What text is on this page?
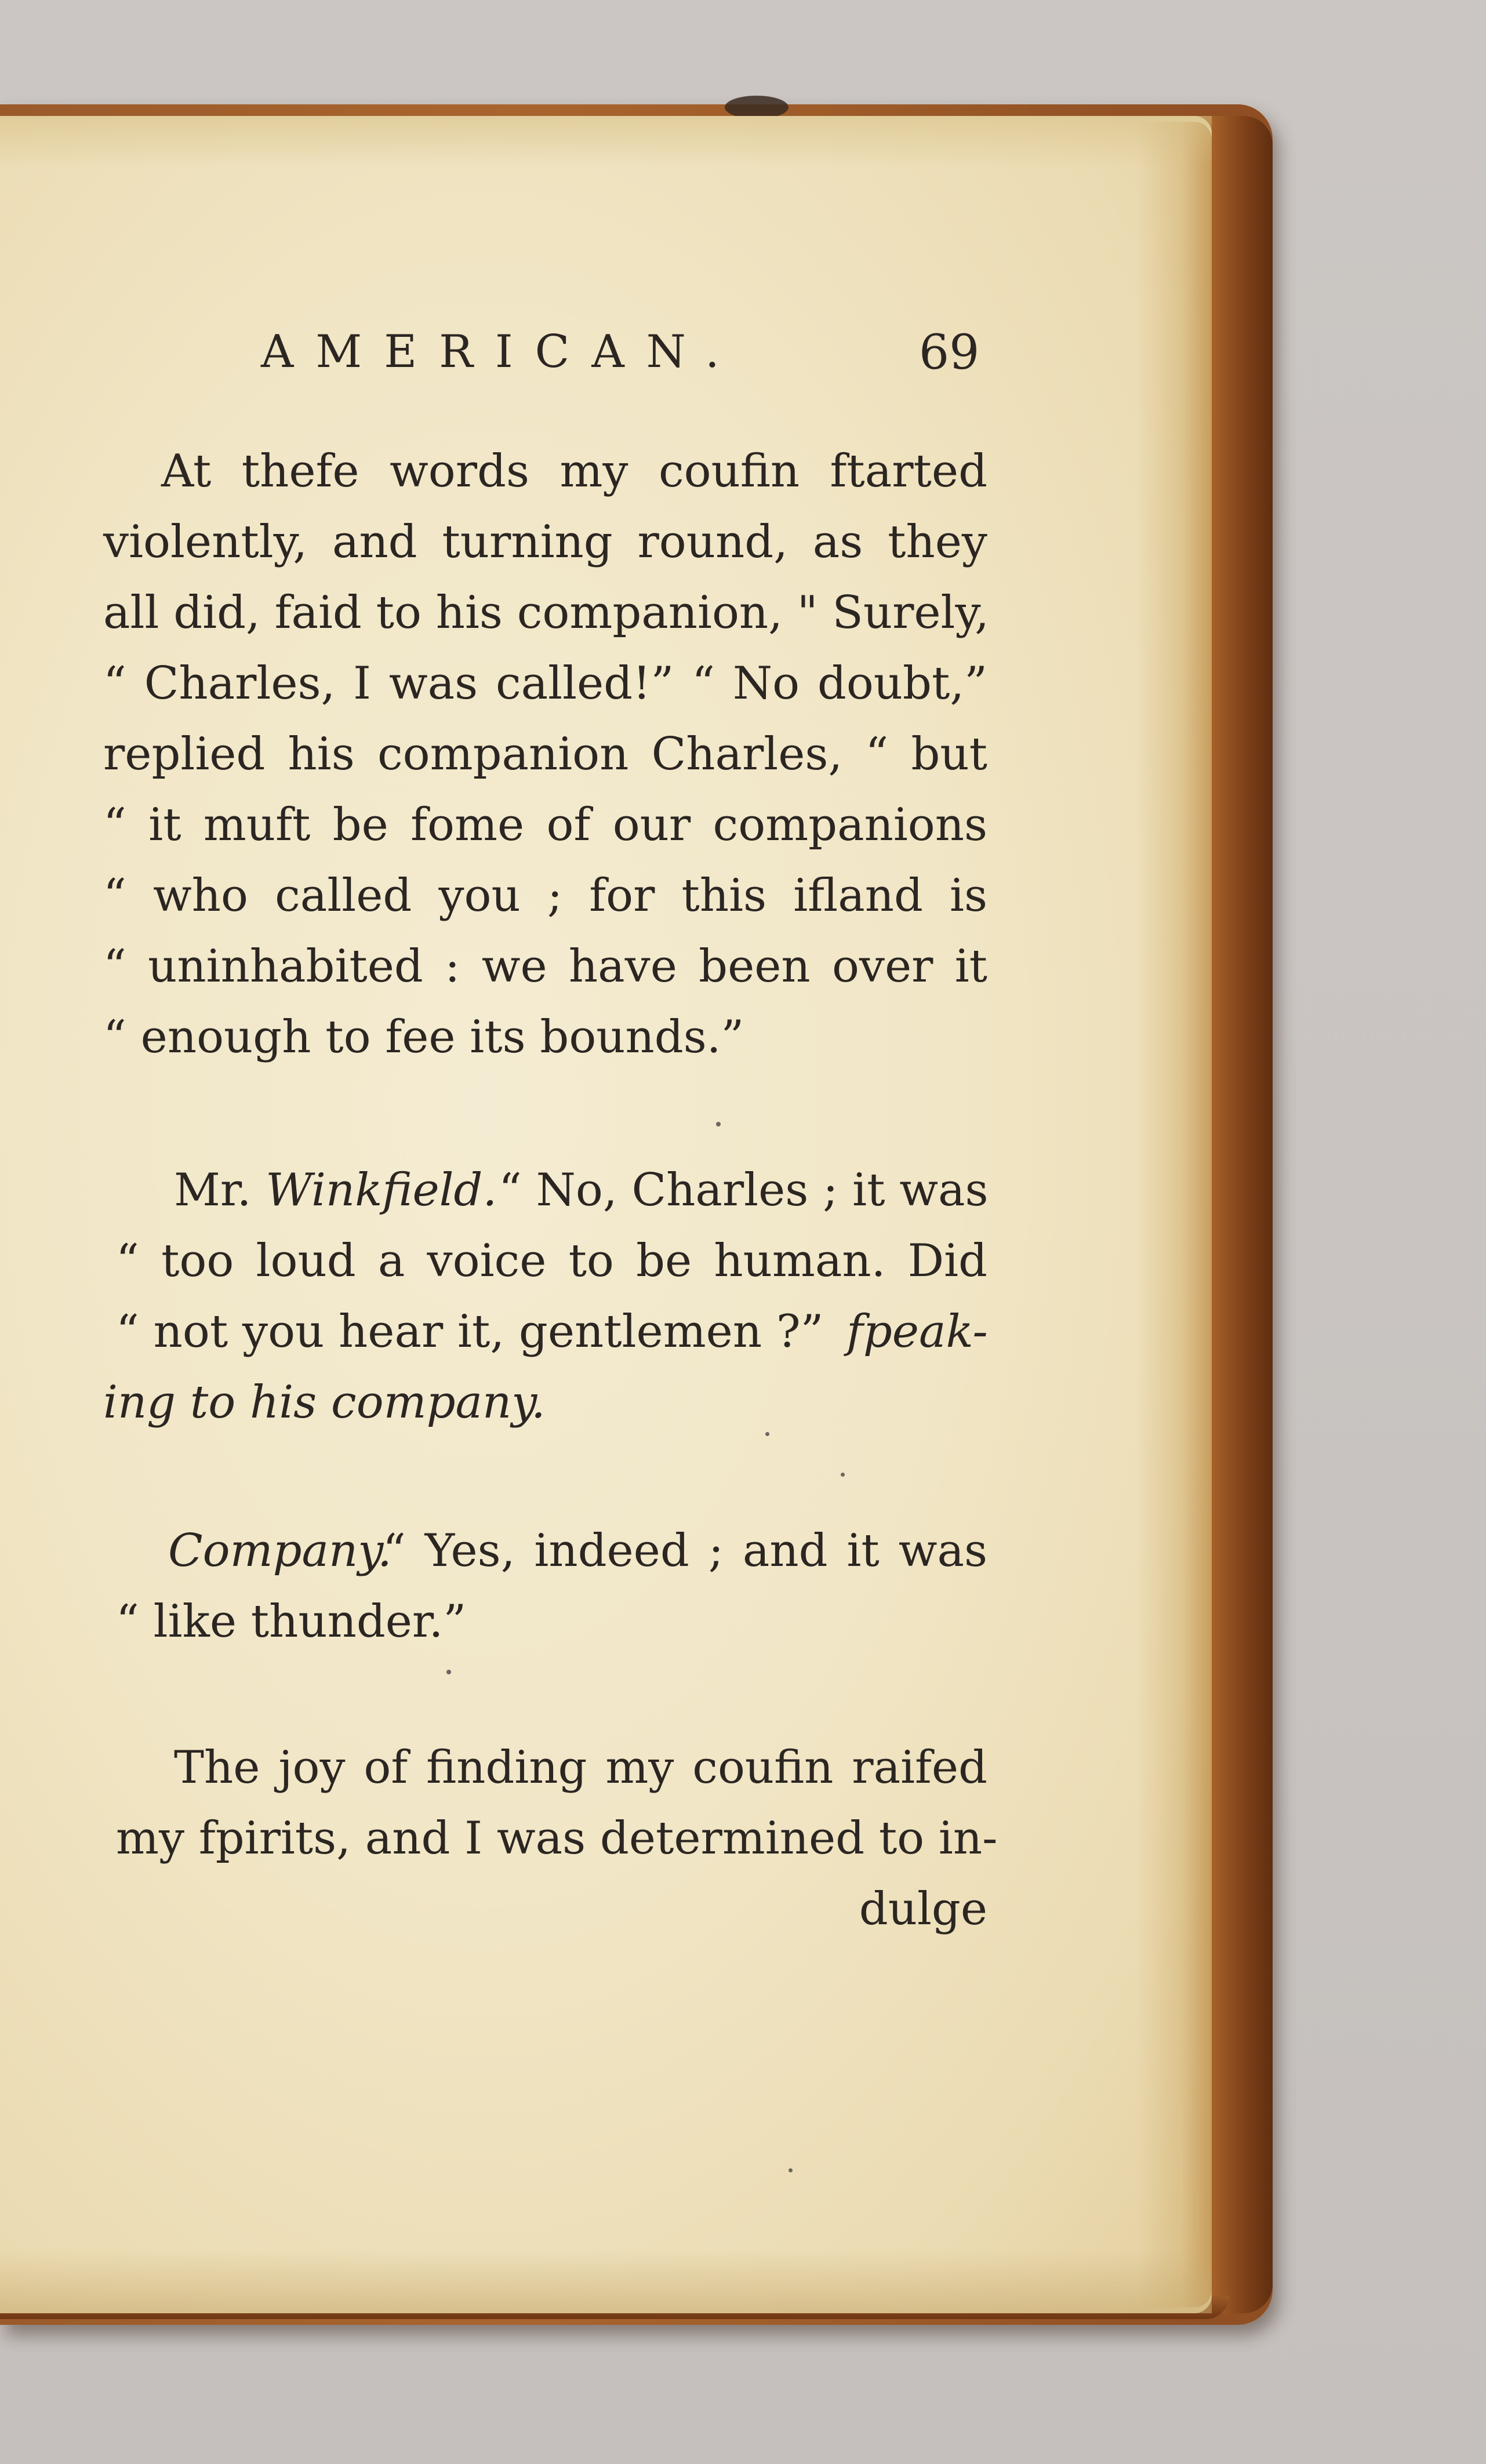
AMERICAN.	69
At thefe words my coufin ftarted
violently, and turning round, as they
all did, faid to his companion, " Surely,
“ Charles, I was called!” “ No doubt,”
replied his companion Charles, “ but
“ it muft be fome of our companions
“ who called you ; for this ifland is
“ uninhabited : we have been over it
“ enough to fee its bounds.”
Mr. Winkfield. “ No, Charles ; it was
“ too loud a voice to be human. Did
“ not you hear it, gentlemen ?” fpeak-
ing to his company.
Company.
“ Yes, indeed ; and it was
“ like thunder.”
The joy of finding my coufin raifed
my fpirits, and I was determined to in-
dulge
